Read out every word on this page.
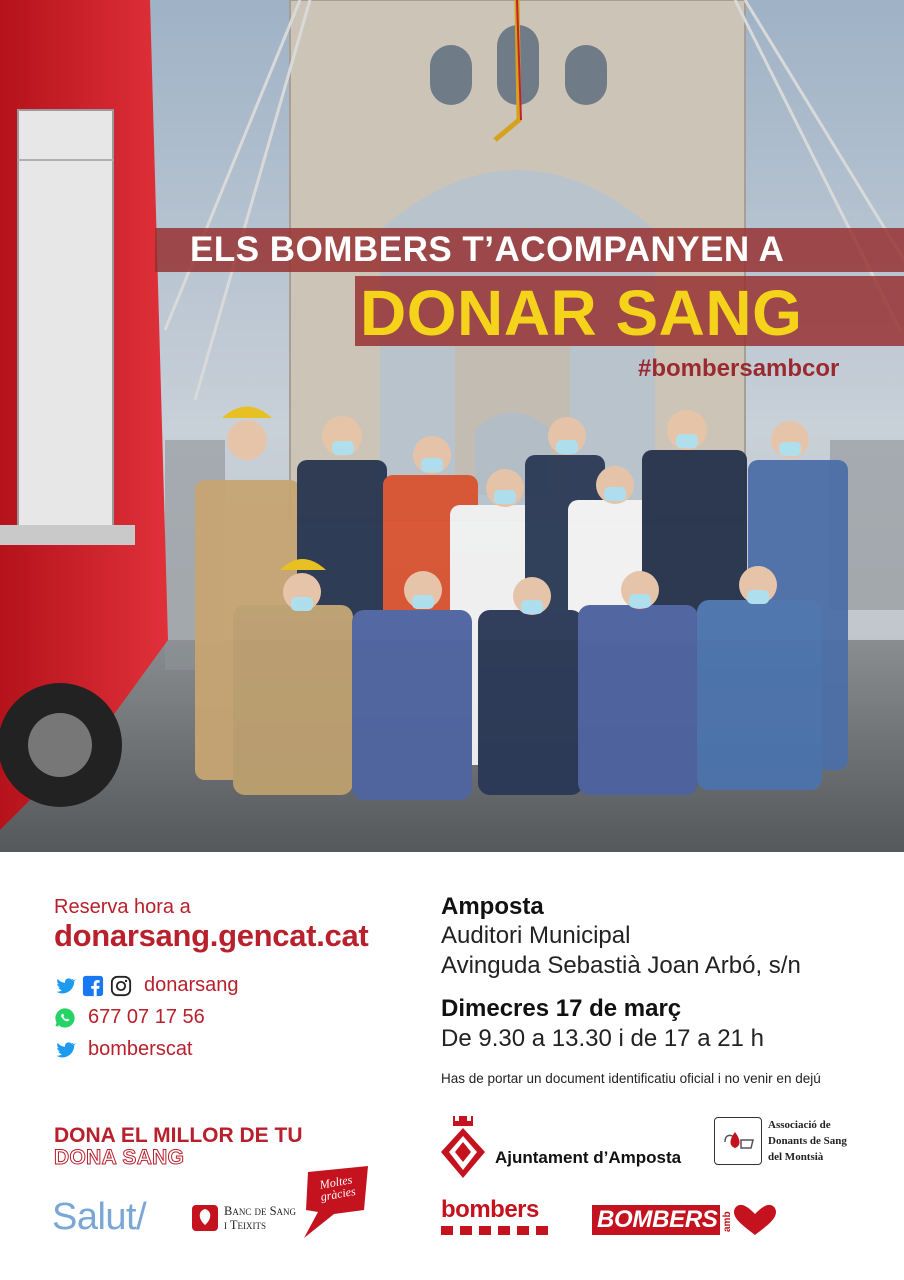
ELS BOMBERS T’ACOMPANYEN A
DONAR SANG
#bombersambcor
Reserva hora a
donarsang.gencat.cat
donarsang
677 07 17 56
bomberscat
Amposta
Auditori Municipal
Avinguda Sebastià Joan Arbó, s/n
Dimecres 17 de març
De 9.30 a 13.30 i de 17 a 21 h
Has de portar un document identificatiu oficial i no venir en dejú
DONA EL MILLOR DE TU
DONA SANG
Salut/	Banc de Sang
i Teixits
Moltes gràcies
Ajuntament d’Amposta
Associació de
Donants de Sang
del Montsià
bombers BOMBERS amb
